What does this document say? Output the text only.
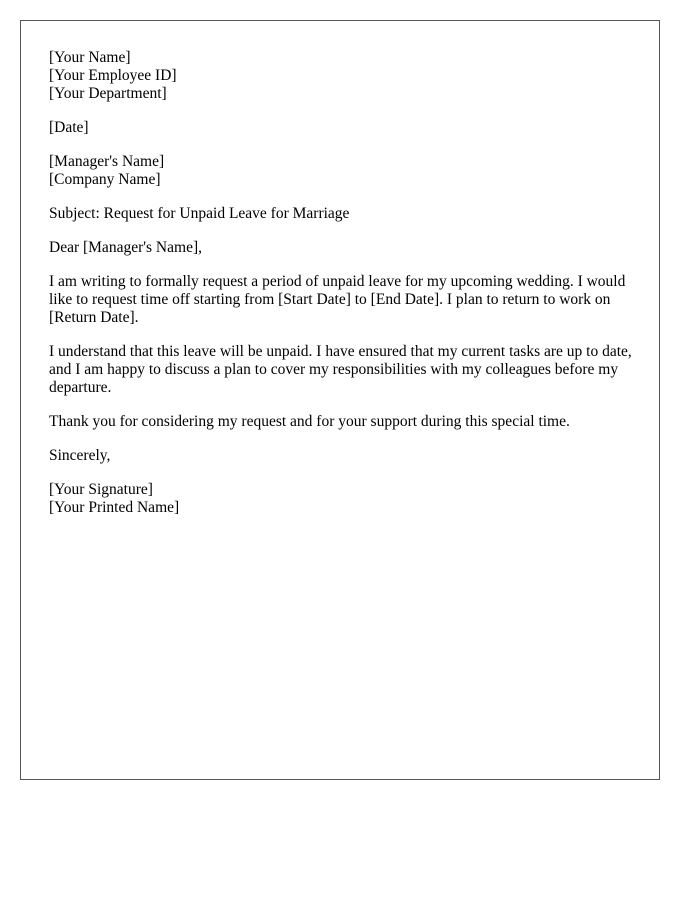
[Your Name]
[Your Employee ID]
[Your Department]
[Date]
[Manager's Name]
[Company Name]
Subject: Request for Unpaid Leave for Marriage
Dear [Manager's Name],

I am writing to formally request a period of unpaid leave for my upcoming wedding. I would like to request time off starting from [Start Date] to [End Date]. I plan to return to work on [Return Date].

I understand that this leave will be unpaid. I have ensured that my current tasks are up to date, and I am happy to discuss a plan to cover my responsibilities with my colleagues before my departure.

Thank you for considering my request and for your support during this special time.

Sincerely,
[Your Signature]
[Your Printed Name]
